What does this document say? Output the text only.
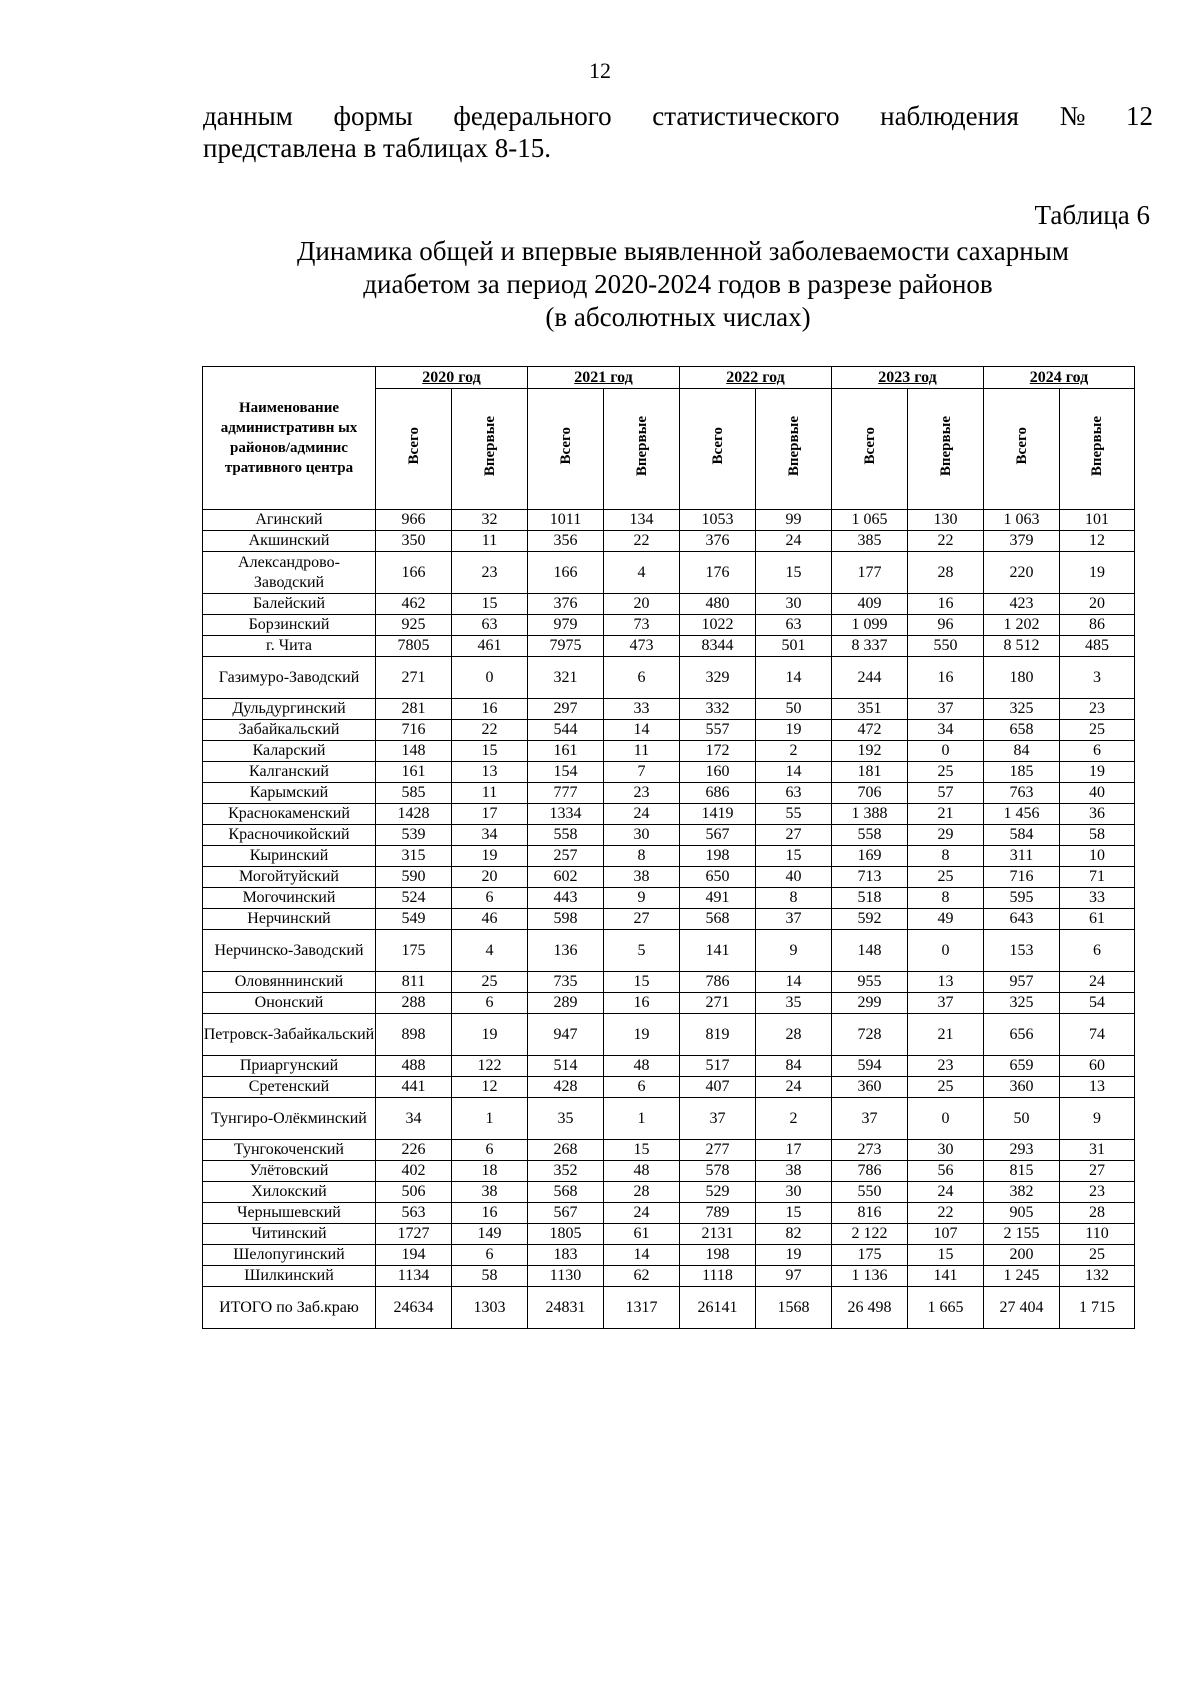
12
данным формы федерального статистического наблюдения № 12
представлена в таблицах 8-15.
Таблица 6
Динамика общей и впервые выявленной заболеваемости сахарным
диабетом за период 2020-2024 годов в разрезе районов
(в абсолютных числах)
Наименование административн ых районов/админис тративного центра	2020 год		2021 год		2022 год		2023 год		2024 год	
	Всего	Впервые	Всего	Впервые	Всего	Впервые	Всего	Впервые	Всего	Впервые
Агинский	966	32	1011	134	1053	99	1 065	130	1 063	101
Акшинский	350	11	356	22	376	24	385	22	379	12
Александрово-Заводский	166	23	166	4	176	15	177	28	220	19
Балейский	462	15	376	20	480	30	409	16	423	20
Борзинский	925	63	979	73	1022	63	1 099	96	1 202	86
г. Чита	7805	461	7975	473	8344	501	8 337	550	8 512	485
Газимуро-Заводский	271	0	321	6	329	14	244	16	180	3
Дульдургинский	281	16	297	33	332	50	351	37	325	23
Забайкальский	716	22	544	14	557	19	472	34	658	25
Каларский	148	15	161	11	172	2	192	0	84	6
Калганский	161	13	154	7	160	14	181	25	185	19
Карымский	585	11	777	23	686	63	706	57	763	40
Краснокаменский	1428	17	1334	24	1419	55	1 388	21	1 456	36
Красночикойский	539	34	558	30	567	27	558	29	584	58
Кыринский	315	19	257	8	198	15	169	8	311	10
Могойтуйский	590	20	602	38	650	40	713	25	716	71
Могочинский	524	6	443	9	491	8	518	8	595	33
Нерчинский	549	46	598	27	568	37	592	49	643	61
Нерчинско-Заводский	175	4	136	5	141	9	148	0	153	6
Оловяннинский	811	25	735	15	786	14	955	13	957	24
Ононский	288	6	289	16	271	35	299	37	325	54
Петровск-Забайкальский	898	19	947	19	819	28	728	21	656	74
Приаргунский	488	122	514	48	517	84	594	23	659	60
Сретенский	441	12	428	6	407	24	360	25	360	13
Тунгиро-Олёкминский	34	1	35	1	37	2	37	0	50	9
Тунгокоченский	226	6	268	15	277	17	273	30	293	31
Улётовский	402	18	352	48	578	38	786	56	815	27
Хилокский	506	38	568	28	529	30	550	24	382	23
Чернышевский	563	16	567	24	789	15	816	22	905	28
Читинский	1727	149	1805	61	2131	82	2 122	107	2 155	110
Шелопугинский	194	6	183	14	198	19	175	15	200	25
Шилкинский	1134	58	1130	62	1118	97	1 136	141	1 245	132
ИТОГО по Заб.краю	24634	1303	24831	1317	26141	1568	26 498	1 665	27 404	1 715
